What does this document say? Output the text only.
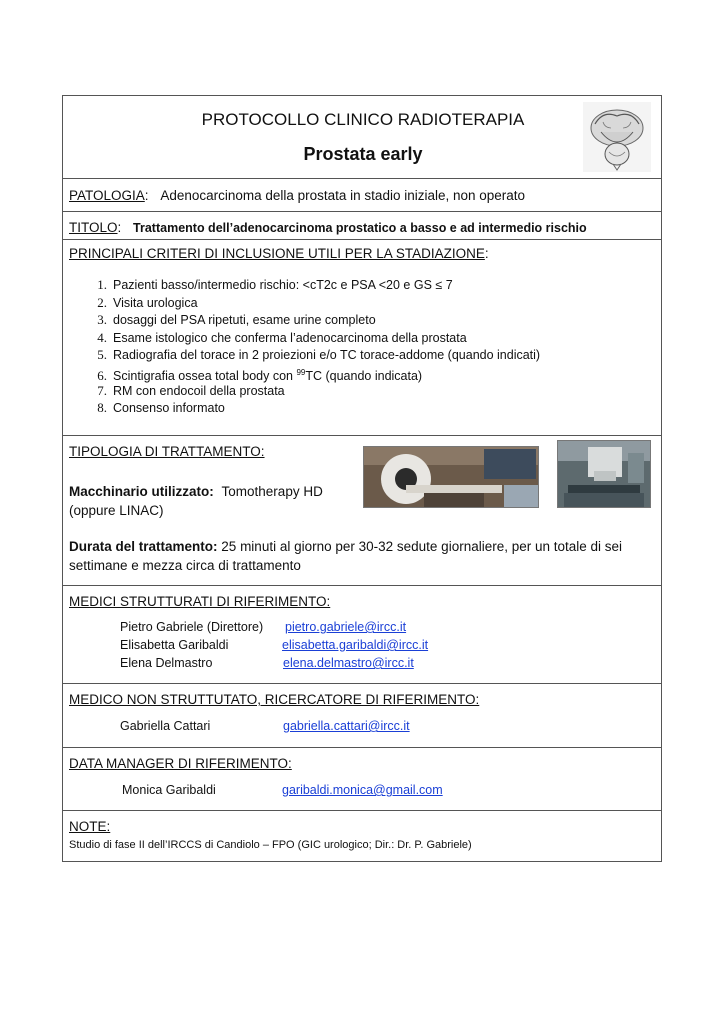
PROTOCOLLO CLINICO RADIOTERAPIA
Prostata early
PATOLOGIA: Adenocarcinoma della prostata in stadio iniziale, non operato
TITOLO: Trattamento dell’adenocarcinoma prostatico a basso e ad intermedio rischio
PRINCIPALI CRITERI DI INCLUSIONE UTILI PER LA STADIAZIONE:
1. Pazienti basso/intermedio rischio: <cT2c e PSA <20 e GS ≤ 7
2. Visita urologica
3. dosaggi del PSA ripetuti, esame urine completo
4. Esame istologico che conferma l’adenocarcinoma della prostata
5. Radiografia del torace in 2 proiezioni e/o TC torace-addome (quando indicati)
6. Scintigrafia ossea total body con $^{99}$TC (quando indicata)
7. RM con endocoil della prostata
8. Consenso informato
TIPOLOGIA DI TRATTAMENTO:
Macchinario utilizzato: Tomotherapy HD
(oppure LINAC)
Durata del trattamento: 25 minuti al giorno per 30-32 sedute giornaliere, per un totale di sei settimane e mezza circa di trattamento
MEDICI STRUTTURATI DI RIFERIMENTO:
Pietro Gabriele (Direttore) pietro.gabriele@ircc.it
Elisabetta Garibaldi	elisabetta.garibaldi@ircc.it
Elena Delmastro	elena.delmastro@ircc.it
MEDICO NON STRUTTUTATO, RICERCATORE DI RIFERIMENTO:
Gabriella Cattari	gabriella.cattari@ircc.it
DATA MANAGER DI RIFERIMENTO:
Monica Garibaldi	garibaldi.monica@gmail.com
NOTE:
Studio di fase II dell’IRCCS di Candiolo – FPO (GIC urologico; Dir.: Dr. P. Gabriele)
